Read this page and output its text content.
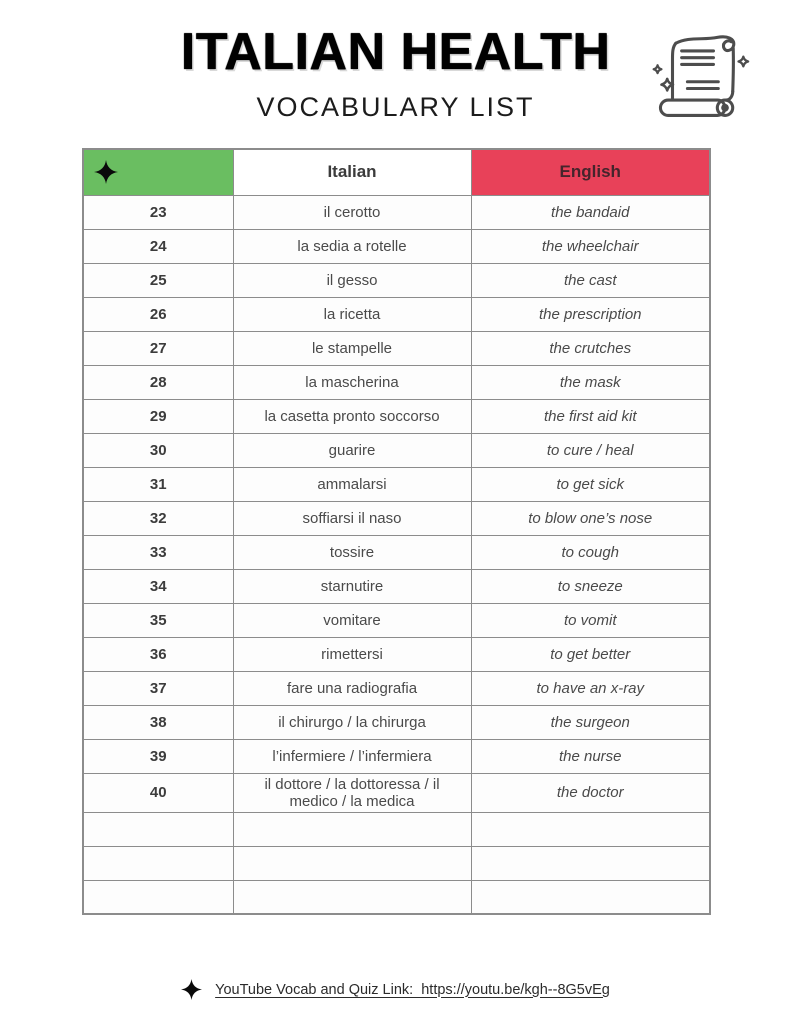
ITALIAN HEALTH
VOCABULARY LIST
	Italian	English
23	il cerotto	the bandaid
24	la sedia a rotelle	the wheelchair
25	il gesso	the cast
26	la ricetta	the prescription
27	le stampelle	the crutches
28	la mascherina	the mask
29	la casetta pronto soccorso	the first aid kit
30	guarire	to cure / heal
31	ammalarsi	to get sick
32	soffiarsi il naso	to blow one’s nose
33	tossire	to cough
34	starnutire	to sneeze
35	vomitare	to vomit
36	rimettersi	to get better
37	fare una radiografia	to have an x-ray
38	il chirurgo / la chirurga	the surgeon
39	l’infermiere / l’infermiera	the nurse
40	il dottore / la dottoressa / il medico / la medica	the doctor

YouTube Vocab and Quiz Link:  https://youtu.be/kgh--8G5vEg
